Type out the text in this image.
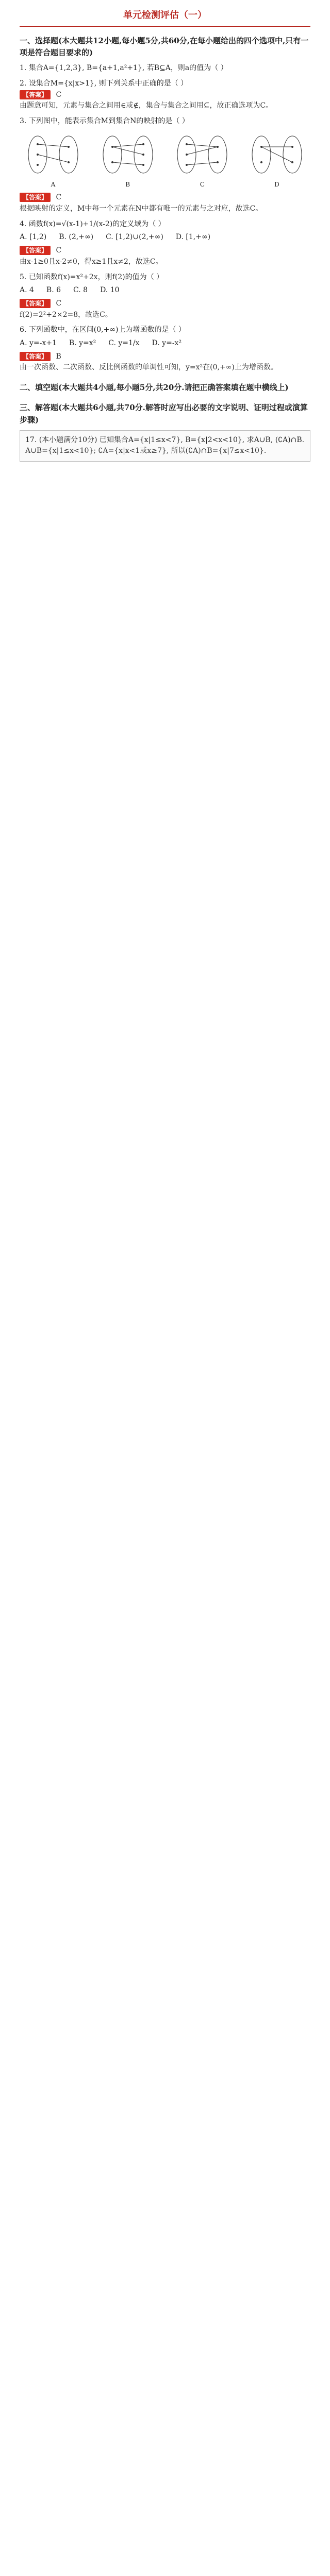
单元检测评估（一）
一、选择题(本大题共12小题,每小题5分,共60分,在每小题给出的四个选项中,只有一项是符合题目要求的)
1. 集合A={1,2,3}, B={a+1,a²+1}, 若B⊆A，则a的值为（ ）
2. 设集合M={x|x>1}, 则下列关系中正确的是（ ）
【答案】 C
由题意可知，元素与集合之间用∈或∉，集合与集合之间用⊆，故正确选项为C。
3. 下列图中，能表示集合M到集合N的映射的是（ ）
A	B	C	D
【答案】 C
根据映射的定义，M中每一个元素在N中都有唯一的元素与之对应，故选C。
4. 函数f(x)=√(x-1)+1/(x-2)的定义域为（ ）
A. [1,2) B. (2,+∞) C. [1,2)∪(2,+∞) D. [1,+∞)
【答案】 C
由x-1≥0且x-2≠0，得x≥1且x≠2，故选C。
5. 已知函数f(x)=x²+2x，则f(2)的值为（ ）
A. 4 B. 6 C. 8 D. 10
【答案】 C
f(2)=2²+2×2=8，故选C。
6. 下列函数中，在区间(0,+∞)上为增函数的是（ ）
A. y=-x+1 B. y=x² C. y=1/x D. y=-x²
【答案】 B
由一次函数、二次函数、反比例函数的单调性可知，y=x²在(0,+∞)上为增函数。
二、填空题(本大题共4小题,每小题5分,共20分.请把正确答案填在题中横线上)
三、解答题(本大题共6小题,共70分.解答时应写出必要的文字说明、证明过程或演算步骤)
17. (本小题满分10分) 已知集合A={x|1≤x<7}, B={x|2<x<10}, 求A∪B, (∁A)∩B.
A∪B={x|1≤x<10}; ∁A={x|x<1或x≥7}, 所以(∁A)∩B={x|7≤x<10}.
